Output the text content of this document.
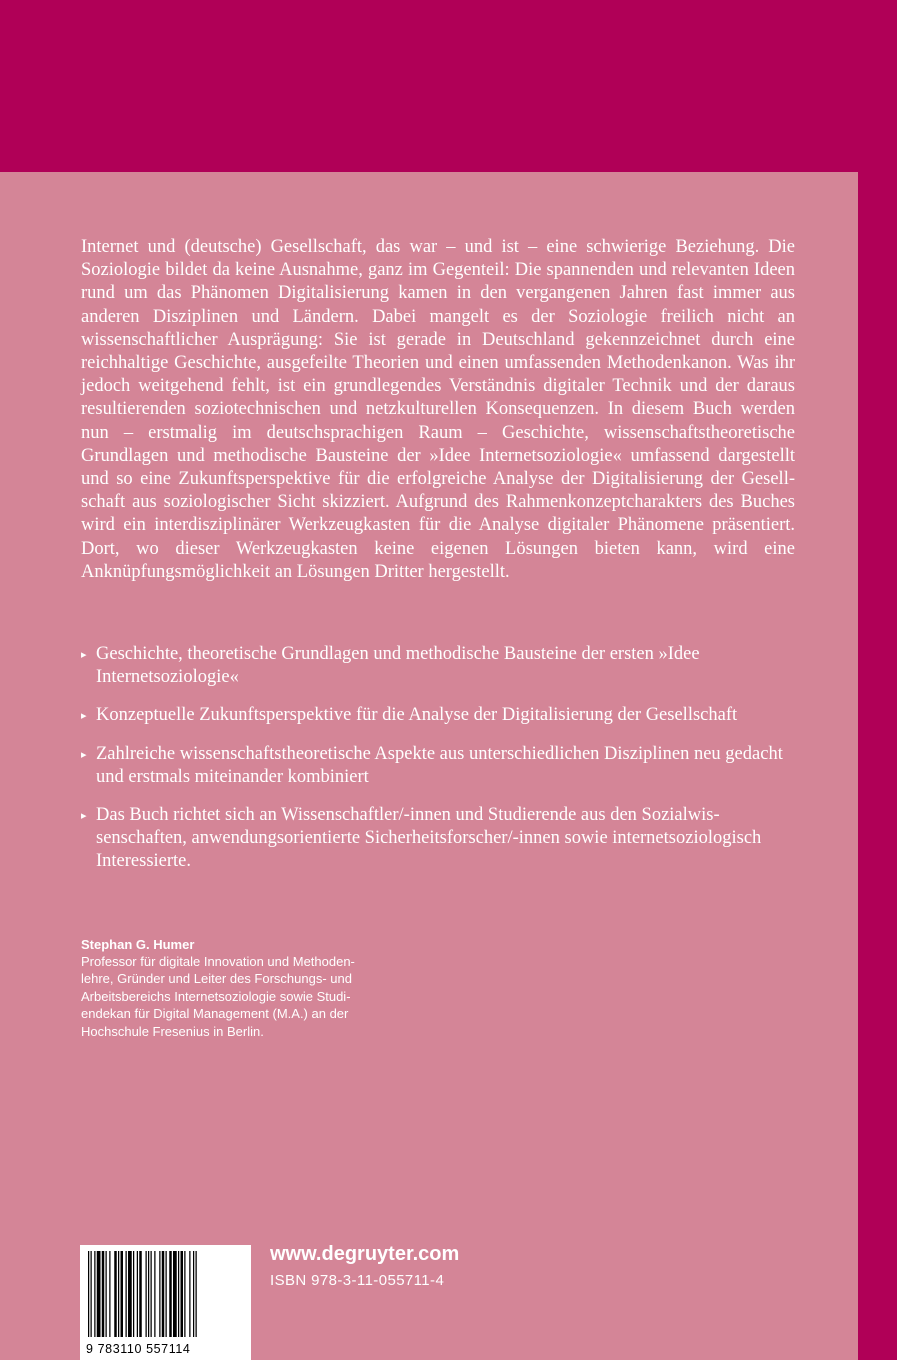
Internet und (deutsche) Gesellschaft, das war – und ist – eine schwierige Beziehung. Die Soziologie bildet da keine Ausnahme, ganz im Gegenteil: Die spannenden und relevanten Ideen rund um das Phänomen Digitalisierung kamen in den vergangenen Jahren fast immer aus anderen Disziplinen und Ländern. Dabei mangelt es der Soziologie freilich nicht an wissenschaftlicher Ausprägung: Sie ist gerade in Deutschland gekennzeichnet durch eine reichhaltige Geschichte, ausgefeilte Theorien und einen umfassenden Methodenkanon. Was ihr jedoch weitgehend fehlt, ist ein grundlegendes Verständnis digitaler Technik und der daraus resultierenden soziotechnischen und netzkulturellen Konsequenzen. In diesem Buch werden nun – erstmalig im deutschsprachigen Raum – Geschichte, wissenschaftstheoretische Grundlagen und methodische Bausteine der »Idee Internetsoziologie« umfassend dargestellt und so eine Zukunftsperspektive für die erfolgreiche Analyse der Digitalisierung der Gesellschaft aus soziologischer Sicht skizziert. Aufgrund des Rahmenkonzeptcharakters des Buches wird ein interdisziplinärer Werkzeugkasten für die Analyse digitaler Phänomene präsentiert. Dort, wo dieser Werkzeugkasten keine eigenen Lösungen bieten kann, wird eine Anknüpfungsmöglichkeit an Lösungen Dritter hergestellt.

▸ Geschichte, theoretische Grundlagen und methodische Bausteine der ersten »Idee Internetsoziologie«
▸ Konzeptuelle Zukunftsperspektive für die Analyse der Digitalisierung der Gesellschaft
▸ Zahlreiche wissenschaftstheoretische Aspekte aus unterschiedlichen Disziplinen neu gedacht und erstmals miteinander kombiniert
▸ Das Buch richtet sich an Wissenschaftler/-innen und Studierende aus den Sozialwissenschaften, anwendungsorientierte Sicherheitsforscher/-innen sowie internetsoziologisch Interessierte.
Stephan G. Humer
Professor für digitale Innovation und Methoden-
lehre, Gründer und Leiter des Forschungs- und
Arbeitsbereichs Internetsoziologie sowie Studi-
endekan für Digital Management (M.A.) an der
Hochschule Fresenius in Berlin.
9 783110 557114
www.degruyter.com
ISBN 978-3-11-055711-4
